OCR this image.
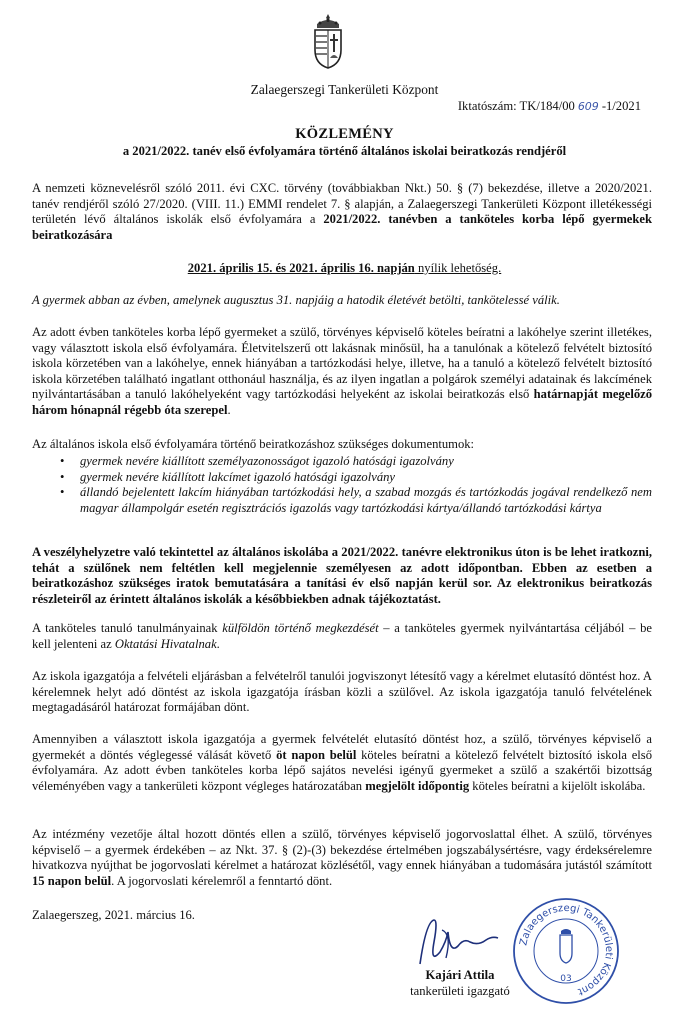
Zalaegerszegi Tankerületi Központ
Iktatószám: TK/184/00 609 -1/2021
KÖZLEMÉNY
a 2021/2022. tanév első évfolyamára történő általános iskolai beiratkozás rendjéről

A nemzeti köznevelésről szóló 2011. évi CXC. törvény (továbbiakban Nkt.) 50. § (7) bekezdése, illetve a 2020/2021. tanév rendjéről szóló 27/2020. (VIII. 11.) EMMI rendelet 7. § alapján, a Zalaegerszegi Tankerületi Központ illetékességi területén lévő általános iskolák első évfolyamára a 2021/2022. tanévben a tanköteles korba lépő gyermekek beiratkozására

2021. április 15. és 2021. április 16. napján nyílik lehetőség.

A gyermek abban az évben, amelynek augusztus 31. napjáig a hatodik életévét betölti, tankötelessé válik.

Az adott évben tanköteles korba lépő gyermeket a szülő, törvényes képviselő köteles beíratni a lakóhelye szerint illetékes, vagy választott iskola első évfolyamára. Életvitelszerű ott lakásnak minősül, ha a tanulónak a kötelező felvételt biztosító iskola körzetében van a lakóhelye, ennek hiányában a tartózkodási helye, illetve, ha a tanuló a kötelező felvételt biztosító iskola körzetében található ingatlant otthonául használja, és az ilyen ingatlan a polgárok személyi adatainak és lakcímének nyilvántartásában a tanuló lakóhelyeként vagy tartózkodási helyeként az iskolai beiratkozás első határnapját megelőző három hónapnál régebb óta szerepel.

Az általános iskola első évfolyamára történő beiratkozáshoz szükséges dokumentumok:

• gyermek nevére kiállított személyazonosságot igazoló hatósági igazolvány
• gyermek nevére kiállított lakcímet igazoló hatósági igazolvány
• állandó bejelentett lakcím hiányában tartózkodási hely, a szabad mozgás és tartózkodás jogával rendelkező nem magyar állampolgár esetén regisztrációs igazolás vagy tartózkodási kártya/állandó tartózkodási kártya

A veszélyhelyzetre való tekintettel az általános iskolába a 2021/2022. tanévre elektronikus úton is be lehet iratkozni, tehát a szülőnek nem feltétlen kell megjelennie személyesen az adott időpontban. Ebben az esetben a beiratkozáshoz szükséges iratok bemutatására a tanítási év első napján kerül sor. Az elektronikus beiratkozás részleteiről az érintett általános iskolák a későbbiekben adnak tájékoztatást.

A tanköteles tanuló tanulmányainak külföldön történő megkezdését – a tanköteles gyermek nyilvántartása céljából – be kell jelenteni az Oktatási Hivatalnak.

Az iskola igazgatója a felvételi eljárásban a felvételről tanulói jogviszonyt létesítő vagy a kérelmet elutasító döntést hoz. A kérelemnek helyt adó döntést az iskola igazgatója írásban közli a szülővel. Az iskola igazgatója tanuló felvételének megtagadásáról határozat formájában dönt.

Amennyiben a választott iskola igazgatója a gyermek felvételét elutasító döntést hoz, a szülő, törvényes képviselő a gyermekét a döntés véglegessé válását követő öt napon belül köteles beíratni a kötelező felvételt biztosító iskola első évfolyamára. Az adott évben tanköteles korba lépő sajátos nevelési igényű gyermeket a szülő a szakértői bizottság véleményében vagy a tankerületi központ végleges határozatában megjelölt időpontig köteles beíratni a kijelölt iskolába.

Az intézmény vezetője által hozott döntés ellen a szülő, törvényes képviselő jogorvoslattal élhet. A szülő, törvényes képviselő – a gyermek érdekében – az Nkt. 37. § (2)-(3) bekezdése értelmében jogszabálysértésre, vagy érdeksérelemre hivatkozva nyújthat be jogorvoslati kérelmet a határozat közlésétől, vagy ennek hiányában a tudomására jutástól számított 15 napon belül. A jogorvoslati kérelemről a fenntartó dönt.

Zalaegerszeg, 2021. március 16.
Zalaegerszegi Tankerületi Központ
03
Kajári Attila
tankerületi igazgató
